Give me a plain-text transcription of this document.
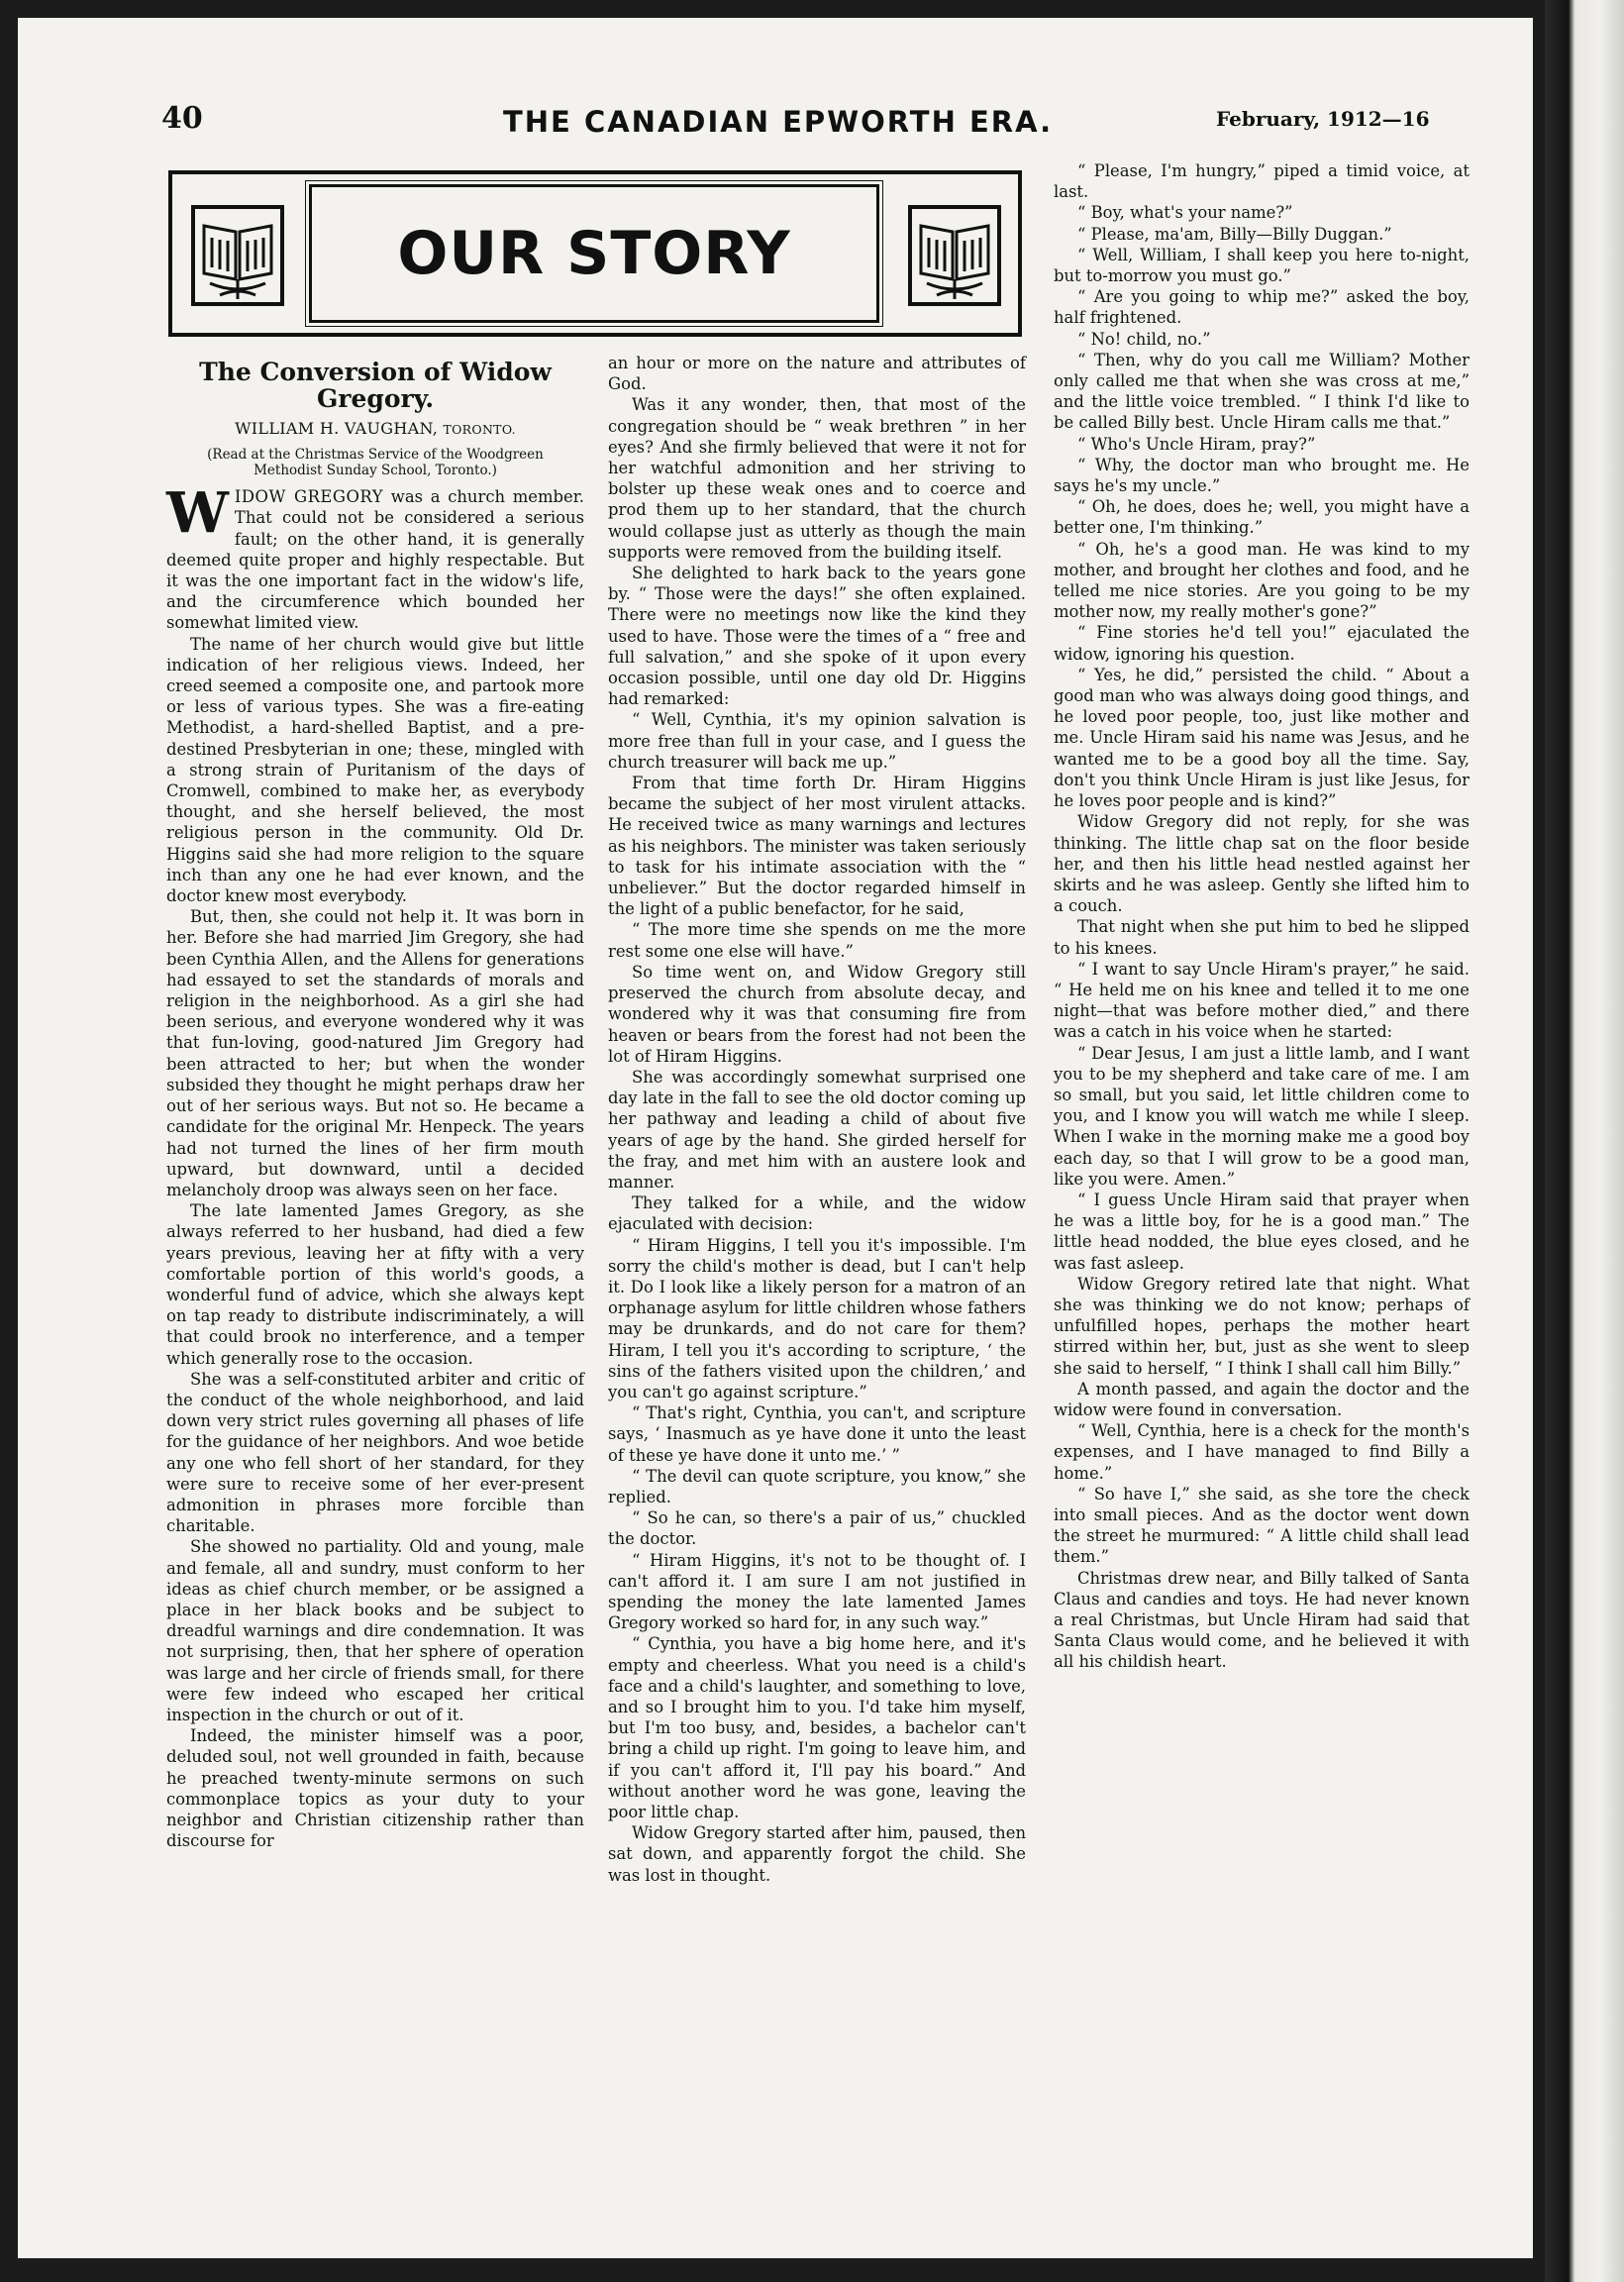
40	THE CANADIAN EPWORTH ERA.	February, 1912—16
OUR STORY
The Conversion of Widow Gregory.
WILLIAM H. VAUGHAN, TORONTO.
(Read at the Christmas Service of the Woodgreen Methodist Sunday School, Toronto.)

WIDOW GREGORY was a church member. That could not be considered a serious fault; on the other hand, it is generally deemed quite proper and highly respectable. But it was the one important fact in the widow's life, and the circumference which bounded her somewhat limited view.

The name of her church would give but little indication of her religious views. Indeed, her creed seemed a composite one, and partook more or less of various types. She was a fire-eating Methodist, a hard-shelled Baptist, and a pre-destined Presbyterian in one; these, mingled with a strong strain of Puritanism of the days of Cromwell, combined to make her, as everybody thought, and she herself believed, the most religious person in the community. Old Dr. Higgins said she had more religion to the square inch than any one he had ever known, and the doctor knew most everybody.

But, then, she could not help it. It was born in her. Before she had married Jim Gregory, she had been Cynthia Allen, and the Allens for generations had essayed to set the standards of morals and religion in the neighborhood. As a girl she had been serious, and everyone wondered why it was that fun-loving, good-natured Jim Gregory had been attracted to her; but when the wonder subsided they thought he might perhaps draw her out of her serious ways. But not so. He became a candidate for the original Mr. Henpeck. The years had not turned the lines of her firm mouth upward, but downward, until a decided melancholy droop was always seen on her face.

The late lamented James Gregory, as she always referred to her husband, had died a few years previous, leaving her at fifty with a very comfortable portion of this world's goods, a wonderful fund of advice, which she always kept on tap ready to distribute indiscriminately, a will that could brook no interference, and a temper which generally rose to the occasion.

She was a self-constituted arbiter and critic of the conduct of the whole neighborhood, and laid down very strict rules governing all phases of life for the guidance of her neighbors. And woe betide any one who fell short of her standard, for they were sure to receive some of her ever-present admonition in phrases more forcible than charitable.

She showed no partiality. Old and young, male and female, all and sundry, must conform to her ideas as chief church member, or be assigned a place in her black books and be subject to dreadful warnings and dire condemnation. It was not surprising, then, that her sphere of operation was large and her circle of friends small, for there were few indeed who escaped her critical inspection in the church or out of it.

Indeed, the minister himself was a poor, deluded soul, not well grounded in faith, because he preached twenty-minute sermons on such commonplace topics as your duty to your neighbor and Christian citizenship rather than discourse for

an hour or more on the nature and attributes of God.

Was it any wonder, then, that most of the congregation should be “ weak brethren ” in her eyes? And she firmly believed that were it not for her watchful admonition and her striving to bolster up these weak ones and to coerce and prod them up to her standard, that the church would collapse just as utterly as though the main supports were removed from the building itself.

She delighted to hark back to the years gone by. “ Those were the days!” she often explained. There were no meetings now like the kind they used to have. Those were the times of a “ free and full salvation,” and she spoke of it upon every occasion possible, until one day old Dr. Higgins had remarked:

“ Well, Cynthia, it's my opinion salvation is more free than full in your case, and I guess the church treasurer will back me up.”

From that time forth Dr. Hiram Higgins became the subject of her most virulent attacks. He received twice as many warnings and lectures as his neighbors. The minister was taken seriously to task for his intimate association with the “ unbeliever.” But the doctor regarded himself in the light of a public benefactor, for he said,

“ The more time she spends on me the more rest some one else will have.”

So time went on, and Widow Gregory still preserved the church from absolute decay, and wondered why it was that consuming fire from heaven or bears from the forest had not been the lot of Hiram Higgins.

She was accordingly somewhat surprised one day late in the fall to see the old doctor coming up her pathway and leading a child of about five years of age by the hand. She girded herself for the fray, and met him with an austere look and manner.

They talked for a while, and the widow ejaculated with decision:

“ Hiram Higgins, I tell you it's impossible. I'm sorry the child's mother is dead, but I can't help it. Do I look like a likely person for a matron of an orphanage asylum for little children whose fathers may be drunkards, and do not care for them? Hiram, I tell you it's according to scripture, ‘ the sins of the fathers visited upon the children,’ and you can't go against scripture.”

“ That's right, Cynthia, you can't, and scripture says, ‘ Inasmuch as ye have done it unto the least of these ye have done it unto me.’ ”

“ The devil can quote scripture, you know,” she replied.

“ So he can, so there's a pair of us,” chuckled the doctor.

“ Hiram Higgins, it's not to be thought of. I can't afford it. I am sure I am not justified in spending the money the late lamented James Gregory worked so hard for, in any such way.”

“ Cynthia, you have a big home here, and it's empty and cheerless. What you need is a child's face and a child's laughter, and something to love, and so I brought him to you. I'd take him myself, but I'm too busy, and, besides, a bachelor can't bring a child up right. I'm going to leave him, and if you can't afford it, I'll pay his board.” And without another word he was gone, leaving the poor little chap.

Widow Gregory started after him, paused, then sat down, and apparently forgot the child. She was lost in thought.

“ Please, I'm hungry,” piped a timid voice, at last.

“ Boy, what's your name?”

“ Please, ma'am, Billy—Billy Duggan.”

“ Well, William, I shall keep you here to-night, but to-morrow you must go.”

“ Are you going to whip me?” asked the boy, half frightened.

“ No! child, no.”

“ Then, why do you call me William? Mother only called me that when she was cross at me,” and the little voice trembled. “ I think I'd like to be called Billy best. Uncle Hiram calls me that.”

“ Who's Uncle Hiram, pray?”

“ Why, the doctor man who brought me. He says he's my uncle.”

“ Oh, he does, does he; well, you might have a better one, I'm thinking.”

“ Oh, he's a good man. He was kind to my mother, and brought her clothes and food, and he telled me nice stories. Are you going to be my mother now, my really mother's gone?”

“ Fine stories he'd tell you!” ejaculated the widow, ignoring his question.

“ Yes, he did,” persisted the child. “ About a good man who was always doing good things, and he loved poor people, too, just like mother and me. Uncle Hiram said his name was Jesus, and he wanted me to be a good boy all the time. Say, don't you think Uncle Hiram is just like Jesus, for he loves poor people and is kind?”

Widow Gregory did not reply, for she was thinking. The little chap sat on the floor beside her, and then his little head nestled against her skirts and he was asleep. Gently she lifted him to a couch.

That night when she put him to bed he slipped to his knees.

“ I want to say Uncle Hiram's prayer,” he said. “ He held me on his knee and telled it to me one night—that was before mother died,” and there was a catch in his voice when he started:

“ Dear Jesus, I am just a little lamb, and I want you to be my shepherd and take care of me. I am so small, but you said, let little children come to you, and I know you will watch me while I sleep. When I wake in the morning make me a good boy each day, so that I will grow to be a good man, like you were. Amen.”

“ I guess Uncle Hiram said that prayer when he was a little boy, for he is a good man.” The little head nodded, the blue eyes closed, and he was fast asleep.

Widow Gregory retired late that night. What she was thinking we do not know; perhaps of unfulfilled hopes, perhaps the mother heart stirred within her, but, just as she went to sleep she said to herself, “ I think I shall call him Billy.”

A month passed, and again the doctor and the widow were found in conversation.

“ Well, Cynthia, here is a check for the month's expenses, and I have managed to find Billy a home.”

“ So have I,” she said, as she tore the check into small pieces. And as the doctor went down the street he murmured: “ A little child shall lead them.”

Christmas drew near, and Billy talked of Santa Claus and candies and toys. He had never known a real Christmas, but Uncle Hiram had said that Santa Claus would come, and he believed it with all his childish heart.
